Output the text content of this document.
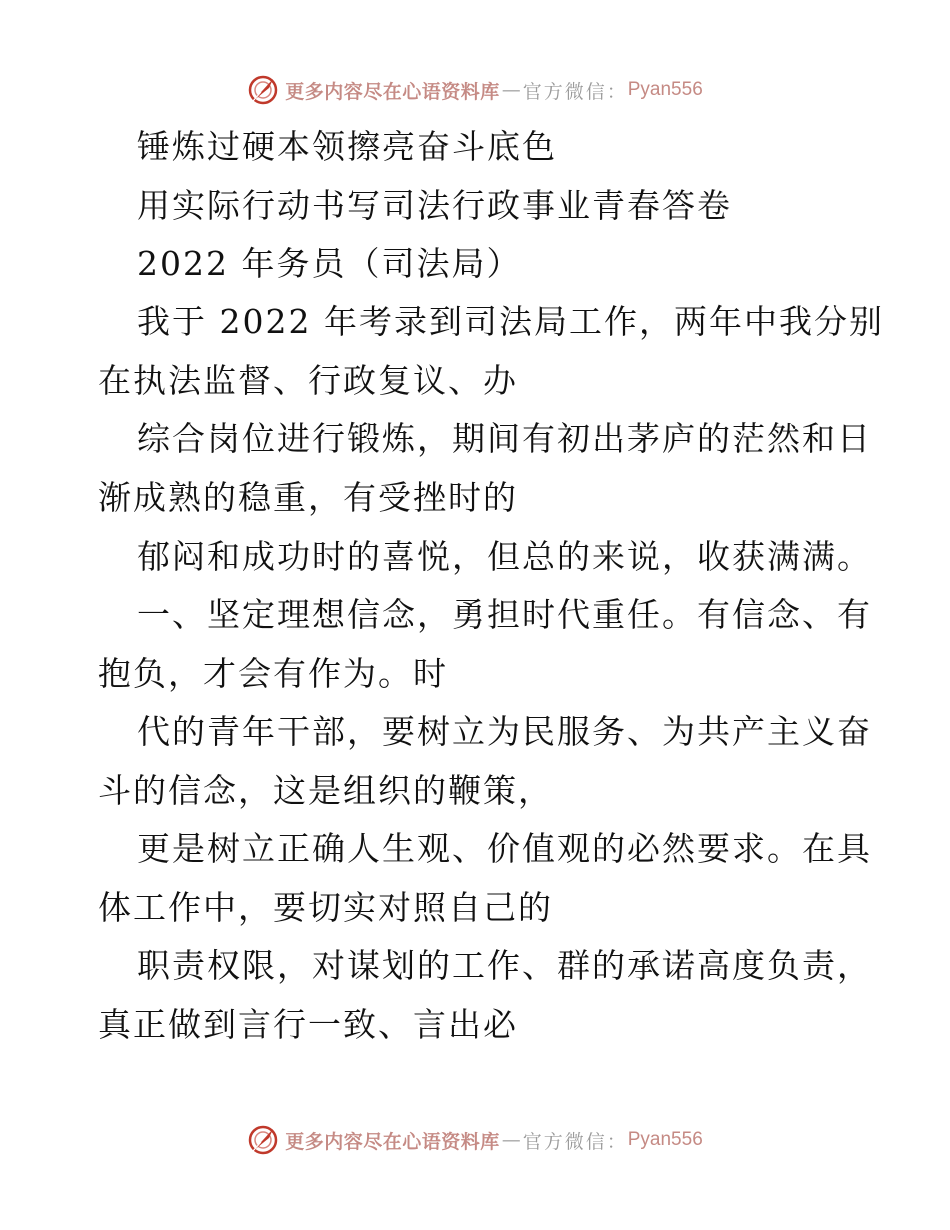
更多内容尽在心语资料库 — 官方微信： Pyan556
锤炼过硬本领擦亮奋斗底色
用实际行动书写司法行政事业青春答卷
2022 年务员（司法局）
我于 2022 年考录到司法局工作，两年中我分别
在执法监督、行政复议、办
综合岗位进行锻炼，期间有初出茅庐的茫然和日
渐成熟的稳重，有受挫时的
郁闷和成功时的喜悦，但总的来说，收获满满。
一、坚定理想信念，勇担时代重任。有信念、有
抱负，才会有作为。时
代的青年干部，要树立为民服务、为共产主义奋
斗的信念，这是组织的鞭策，
更是树立正确人生观、价值观的必然要求。在具
体工作中，要切实对照自己的
职责权限，对谋划的工作、群的承诺高度负责，
真正做到言行一致、言出必
更多内容尽在心语资料库 — 官方微信： Pyan556
